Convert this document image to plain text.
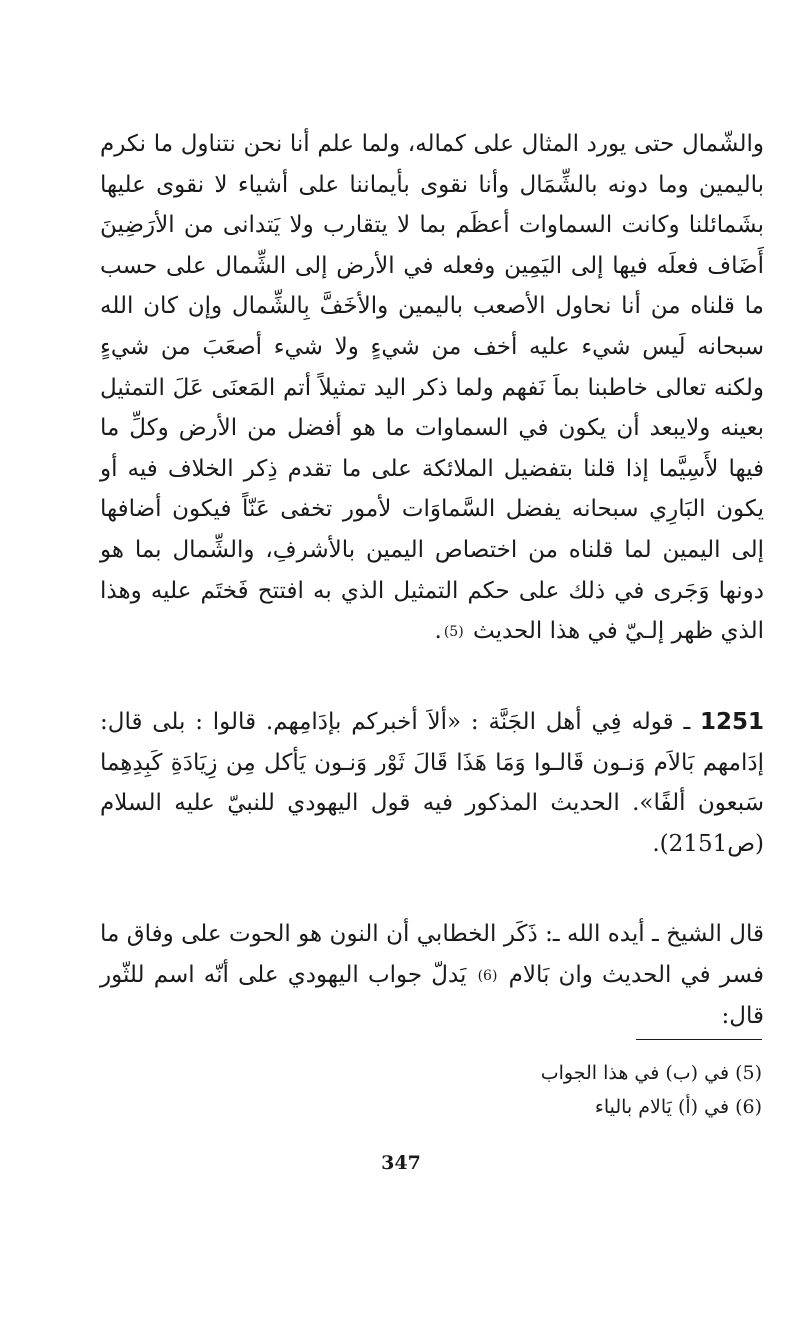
والشّمال حتى يورد المثال على كماله، ولما علم أنا نحن نتناول ما نكرم باليمين وما دونه بالشِّمَال وأنا نقوى بأيماننا على أشياء لا نقوى عليها بشَمائلنا وكانت السماوات أعظَم بما لا يتقارب ولا يَتدانى من الأرَضِينَ أَضَاف فعلَه فيها إلى اليَمِين وفعله في الأرض إلى الشِّمال على حسب ما قلناه من أنا نحاول الأصعب باليمين والأخَفَّ بِالشِّمال وإن كان الله سبحانه لَيس شيء عليه أخف من شيءٍ ولا شيء أصعَبَ من شيءٍ ولكنه تعالى خاطبنا بماَ نَفهم ولما ذكر اليد تمثيلاً أتم المَعنَى عَلَ التمثيل بعينه ولايبعد أن يكون في السماوات ما هو أفضل من الأرض وكلِّ ما فيها لأَسِيَّما إذا قلنا بتفضيل الملائكة على ما تقدم ذِكر الخلاف فيه أو يكون البَارِي سبحانه يفضل السَّماوَات لأمور تخفى عَنّاً فيكون أضافها إلى اليمين لما قلناه من اختصاص اليمين بالأشرفِ، والشِّمال بما هو دونها وَجَرى في ذلك على حكم التمثيل الذي به افتتح فَختَم عليه وهذا الذي ظهر إلـيّ في هذا الحديث (5).

1251 ـ قوله فِي أهل الجَنَّة : «ألاَ أخبركم بإدَامِهم. قالوا : بلى قال: إدَامهم بَالاَم وَنـون قَالـوا وَمَا هَذَا قَالَ ثَوْر وَنـون يَأكل مِن زِيَادَةِ كَبِدِهِما سَبعون ألفًا». الحديث المذكور فيه قول اليهودي للنبيّ عليه السلام (ص2151).

قال الشيخ ـ أيده الله ـ: ذَكَر الخطابي أن النون هو الحوت على وفاق ما فسر في الحديث وان بَالام (6) يَدلّ جواب اليهودي على أنّه اسم للثّور قال:

(5) في (ب) في هذا الجواب
(6) في (أ) يَالام بالياء
347
